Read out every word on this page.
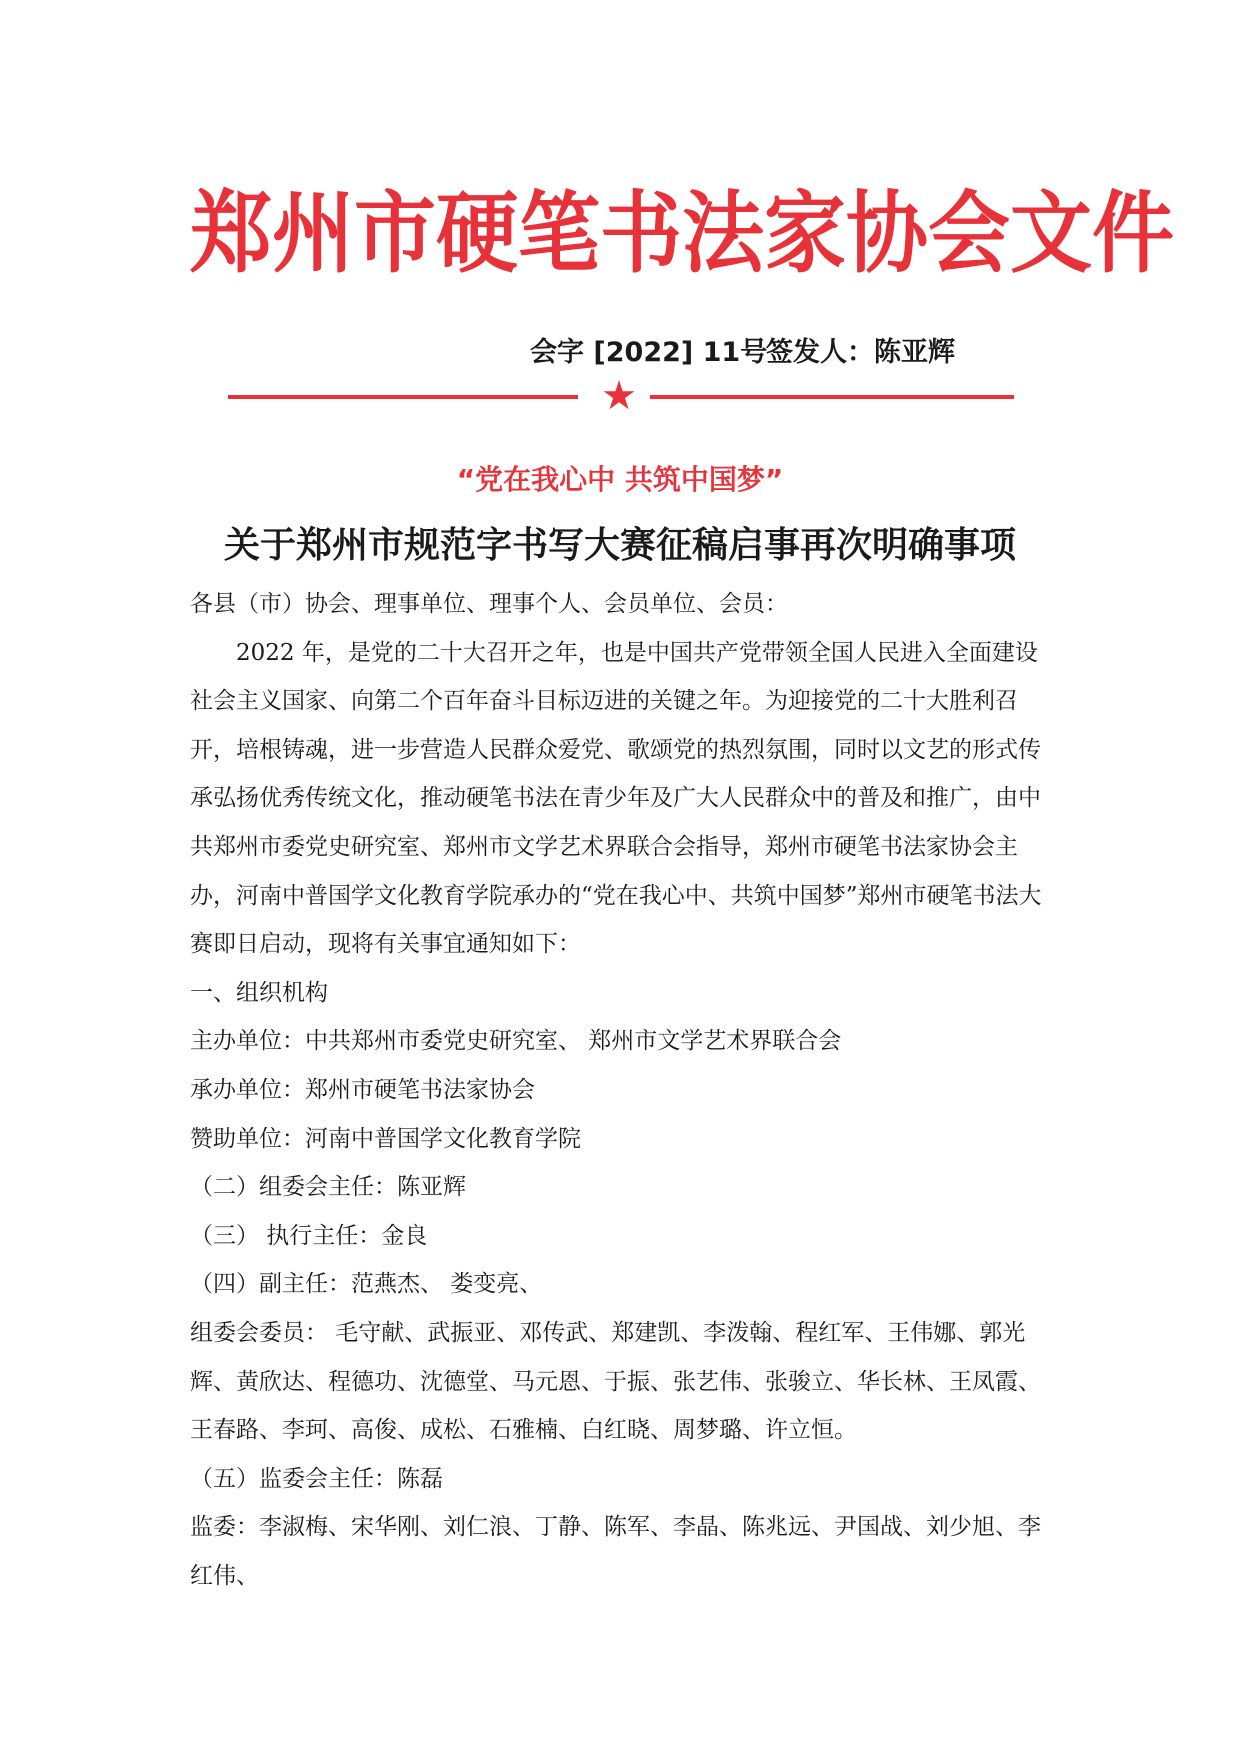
郑州市硬笔书法家协会文件
会字 [2022] 11号
签发人：陈亚辉
★
“党在我心中 共筑中国梦”
关于郑州市规范字书写大赛征稿启事再次明确事项

各县（市）协会、理事单位、理事个人、会员单位、会员：

2022 年，是党的二十大召开之年，也是中国共产党带领全国人民进入全面建设社会主义国家、向第二个百年奋斗目标迈进的关键之年。为迎接党的二十大胜利召开，培根铸魂，进一步营造人民群众爱党、歌颂党的热烈氛围，同时以文艺的形式传承弘扬优秀传统文化，推动硬笔书法在青少年及广大人民群众中的普及和推广，由中共郑州市委党史研究室、郑州市文学艺术界联合会指导，郑州市硬笔书法家协会主办，河南中普国学文化教育学院承办的“党在我心中、共筑中国梦”郑州市硬笔书法大赛即日启动，现将有关事宜通知如下：

一、组织机构

主办单位：中共郑州市委党史研究室、 郑州市文学艺术界联合会

承办单位：郑州市硬笔书法家协会

赞助单位：河南中普国学文化教育学院

（二）组委会主任：陈亚辉

（三） 执行主任：金良

（四）副主任：范燕杰、 娄变亮、

组委会委员： 毛守献、武振亚、邓传武、郑建凯、李泼翰、程红军、王伟娜、郭光辉、黄欣达、程德功、沈德堂、马元恩、于振、张艺伟、张骏立、华长林、王凤霞、王春路、李珂、高俊、成松、石雅楠、白红晓、周梦璐、许立恒。

（五）监委会主任：陈磊

监委：李淑梅、宋华刚、刘仁浪、丁静、陈军、李晶、陈兆远、尹国战、刘少旭、李红伟、
